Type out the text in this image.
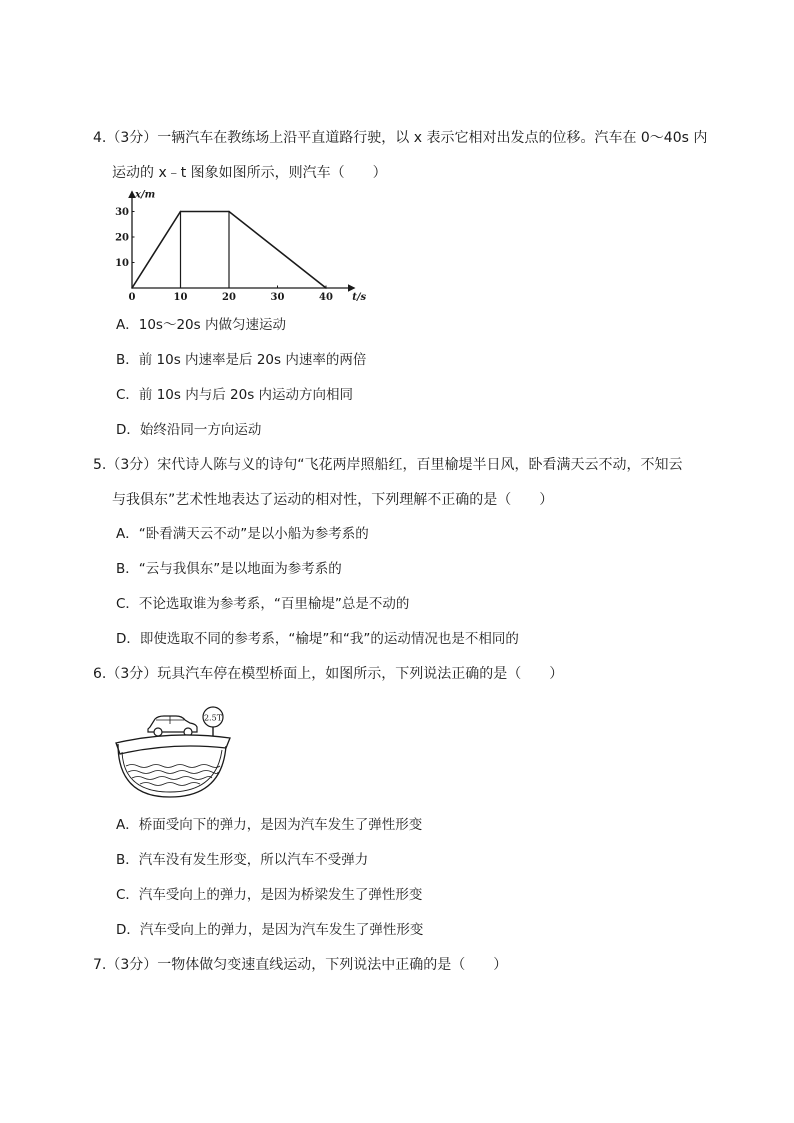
4.（3分）一辆汽车在教练场上沿平直道路行驶，以 x 表示它相对出发点的位移。汽车在 0～40s 内
运动的 x﹣t 图象如图所示，则汽车（　　）
x/m
t/s
0	10	20	30	40
10
20
30
A．10s～20s 内做匀速运动
B．前 10s 内速率是后 20s 内速率的两倍
C．前 10s 内与后 20s 内运动方向相同
D．始终沿同一方向运动
5.（3分）宋代诗人陈与义的诗句“飞花两岸照船红，百里榆堤半日风，卧看满天云不动，不知云
与我俱东”艺术性地表达了运动的相对性，下列理解不正确的是（　　）
A．“卧看满天云不动”是以小船为参考系的
B．“云与我俱东”是以地面为参考系的
C．不论选取谁为参考系，“百里榆堤”总是不动的
D．即使选取不同的参考系，“榆堤”和“我”的运动情况也是不相同的
6.（3分）玩具汽车停在模型桥面上，如图所示，下列说法正确的是（　　）
2.5T
A．桥面受向下的弹力，是因为汽车发生了弹性形变
B．汽车没有发生形变，所以汽车不受弹力
C．汽车受向上的弹力，是因为桥梁发生了弹性形变
D．汽车受向上的弹力，是因为汽车发生了弹性形变
7.（3分）一物体做匀变速直线运动，下列说法中正确的是（　　）
